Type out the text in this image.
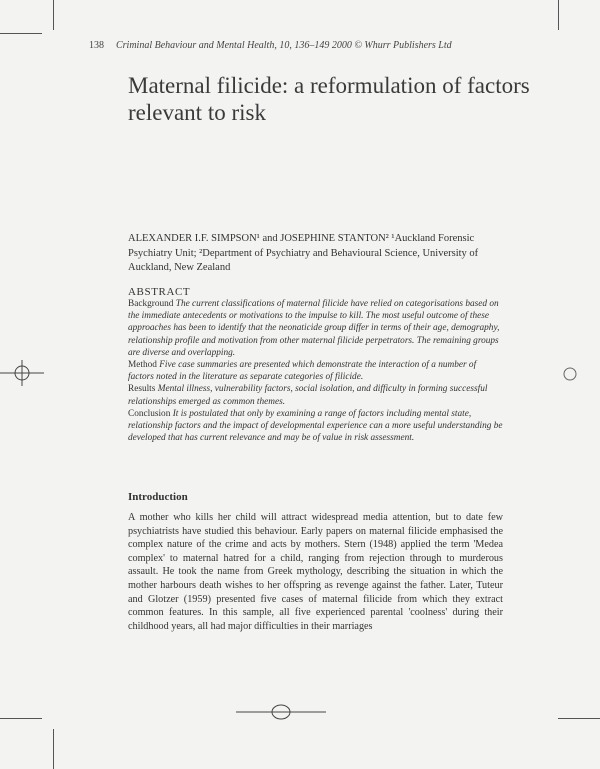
138 Criminal Behaviour and Mental Health, 10, 136–149 2000 © Whurr Publishers Ltd
Maternal filicide: a reformulation of factors relevant to risk
ALEXANDER I.F. SIMPSON¹ and JOSEPHINE STANTON² ¹Auckland Forensic Psychiatry Unit; ²Department of Psychiatry and Behavioural Science, University of Auckland, New Zealand
ABSTRACT

Background The current classifications of maternal filicide have relied on categorisations based on the immediate antecedents or motivations to the impulse to kill. The most useful outcome of these approaches has been to identify that the neonaticide group differ in terms of their age, demography, relationship profile and motivation from other maternal filicide perpetrators. The remaining groups are diverse and overlapping.

Method Five case summaries are presented which demonstrate the interaction of a number of factors noted in the literature as separate categories of filicide.

Results Mental illness, vulnerability factors, social isolation, and difficulty in forming successful relationships emerged as common themes.

Conclusion It is postulated that only by examining a range of factors including mental state, relationship factors and the impact of developmental experience can a more useful understanding be developed that has current relevance and may be of value in risk assessment.

Introduction

A mother who kills her child will attract widespread media attention, but to date few psychiatrists have studied this behaviour. Early papers on maternal filicide emphasised the complex nature of the crime and acts by mothers. Stern (1948) applied the term 'Medea complex' to maternal hatred for a child, ranging from rejection through to murderous assault. He took the name from Greek mythology, describing the situation in which the mother harbours death wishes to her offspring as revenge against the father. Later, Tuteur and Glotzer (1959) presented five cases of maternal filicide from which they extract common features. In this sample, all five experienced parental 'coolness' during their childhood years, all had major difficulties in their marriages
